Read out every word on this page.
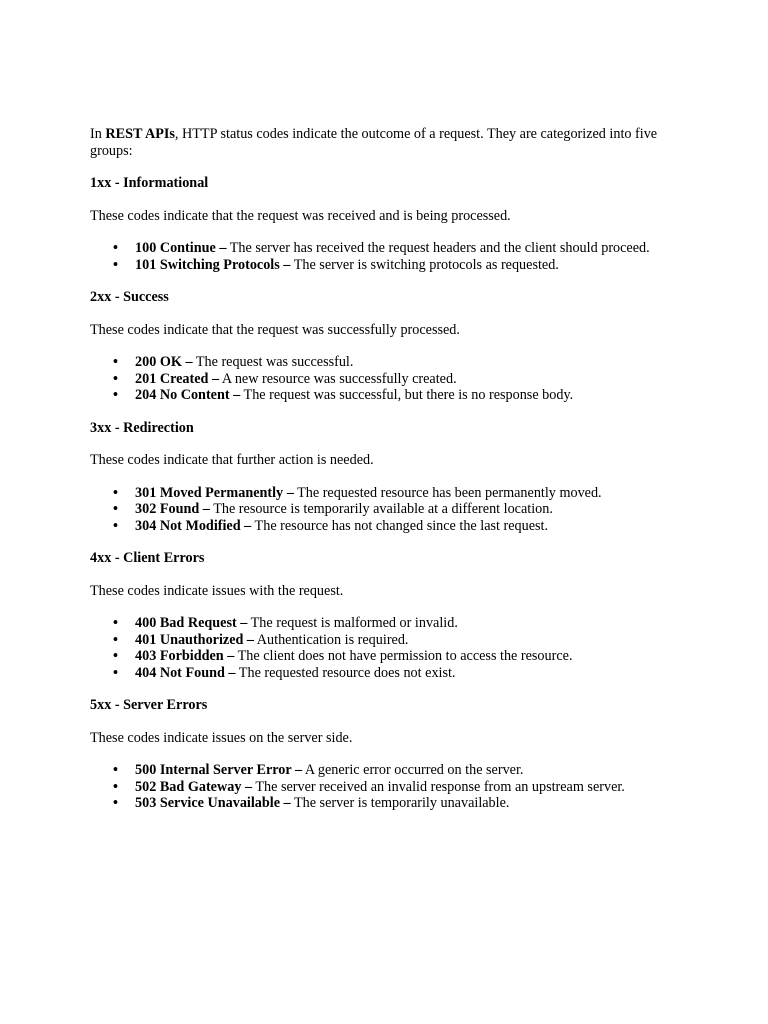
In REST APIs, HTTP status codes indicate the outcome of a request. They are categorized into five groups:

1xx - Informational

These codes indicate that the request was received and is being processed.

• 100 Continue – The server has received the request headers and the client should proceed.
• 101 Switching Protocols – The server is switching protocols as requested.

2xx - Success

These codes indicate that the request was successfully processed.

• 200 OK – The request was successful.
• 201 Created – A new resource was successfully created.
• 204 No Content – The request was successful, but there is no response body.

3xx - Redirection

These codes indicate that further action is needed.

• 301 Moved Permanently – The requested resource has been permanently moved.
• 302 Found – The resource is temporarily available at a different location.
• 304 Not Modified – The resource has not changed since the last request.

4xx - Client Errors

These codes indicate issues with the request.

• 400 Bad Request – The request is malformed or invalid.
• 401 Unauthorized – Authentication is required.
• 403 Forbidden – The client does not have permission to access the resource.
• 404 Not Found – The requested resource does not exist.

5xx - Server Errors

These codes indicate issues on the server side.

• 500 Internal Server Error – A generic error occurred on the server.
• 502 Bad Gateway – The server received an invalid response from an upstream server.
• 503 Service Unavailable – The server is temporarily unavailable.
